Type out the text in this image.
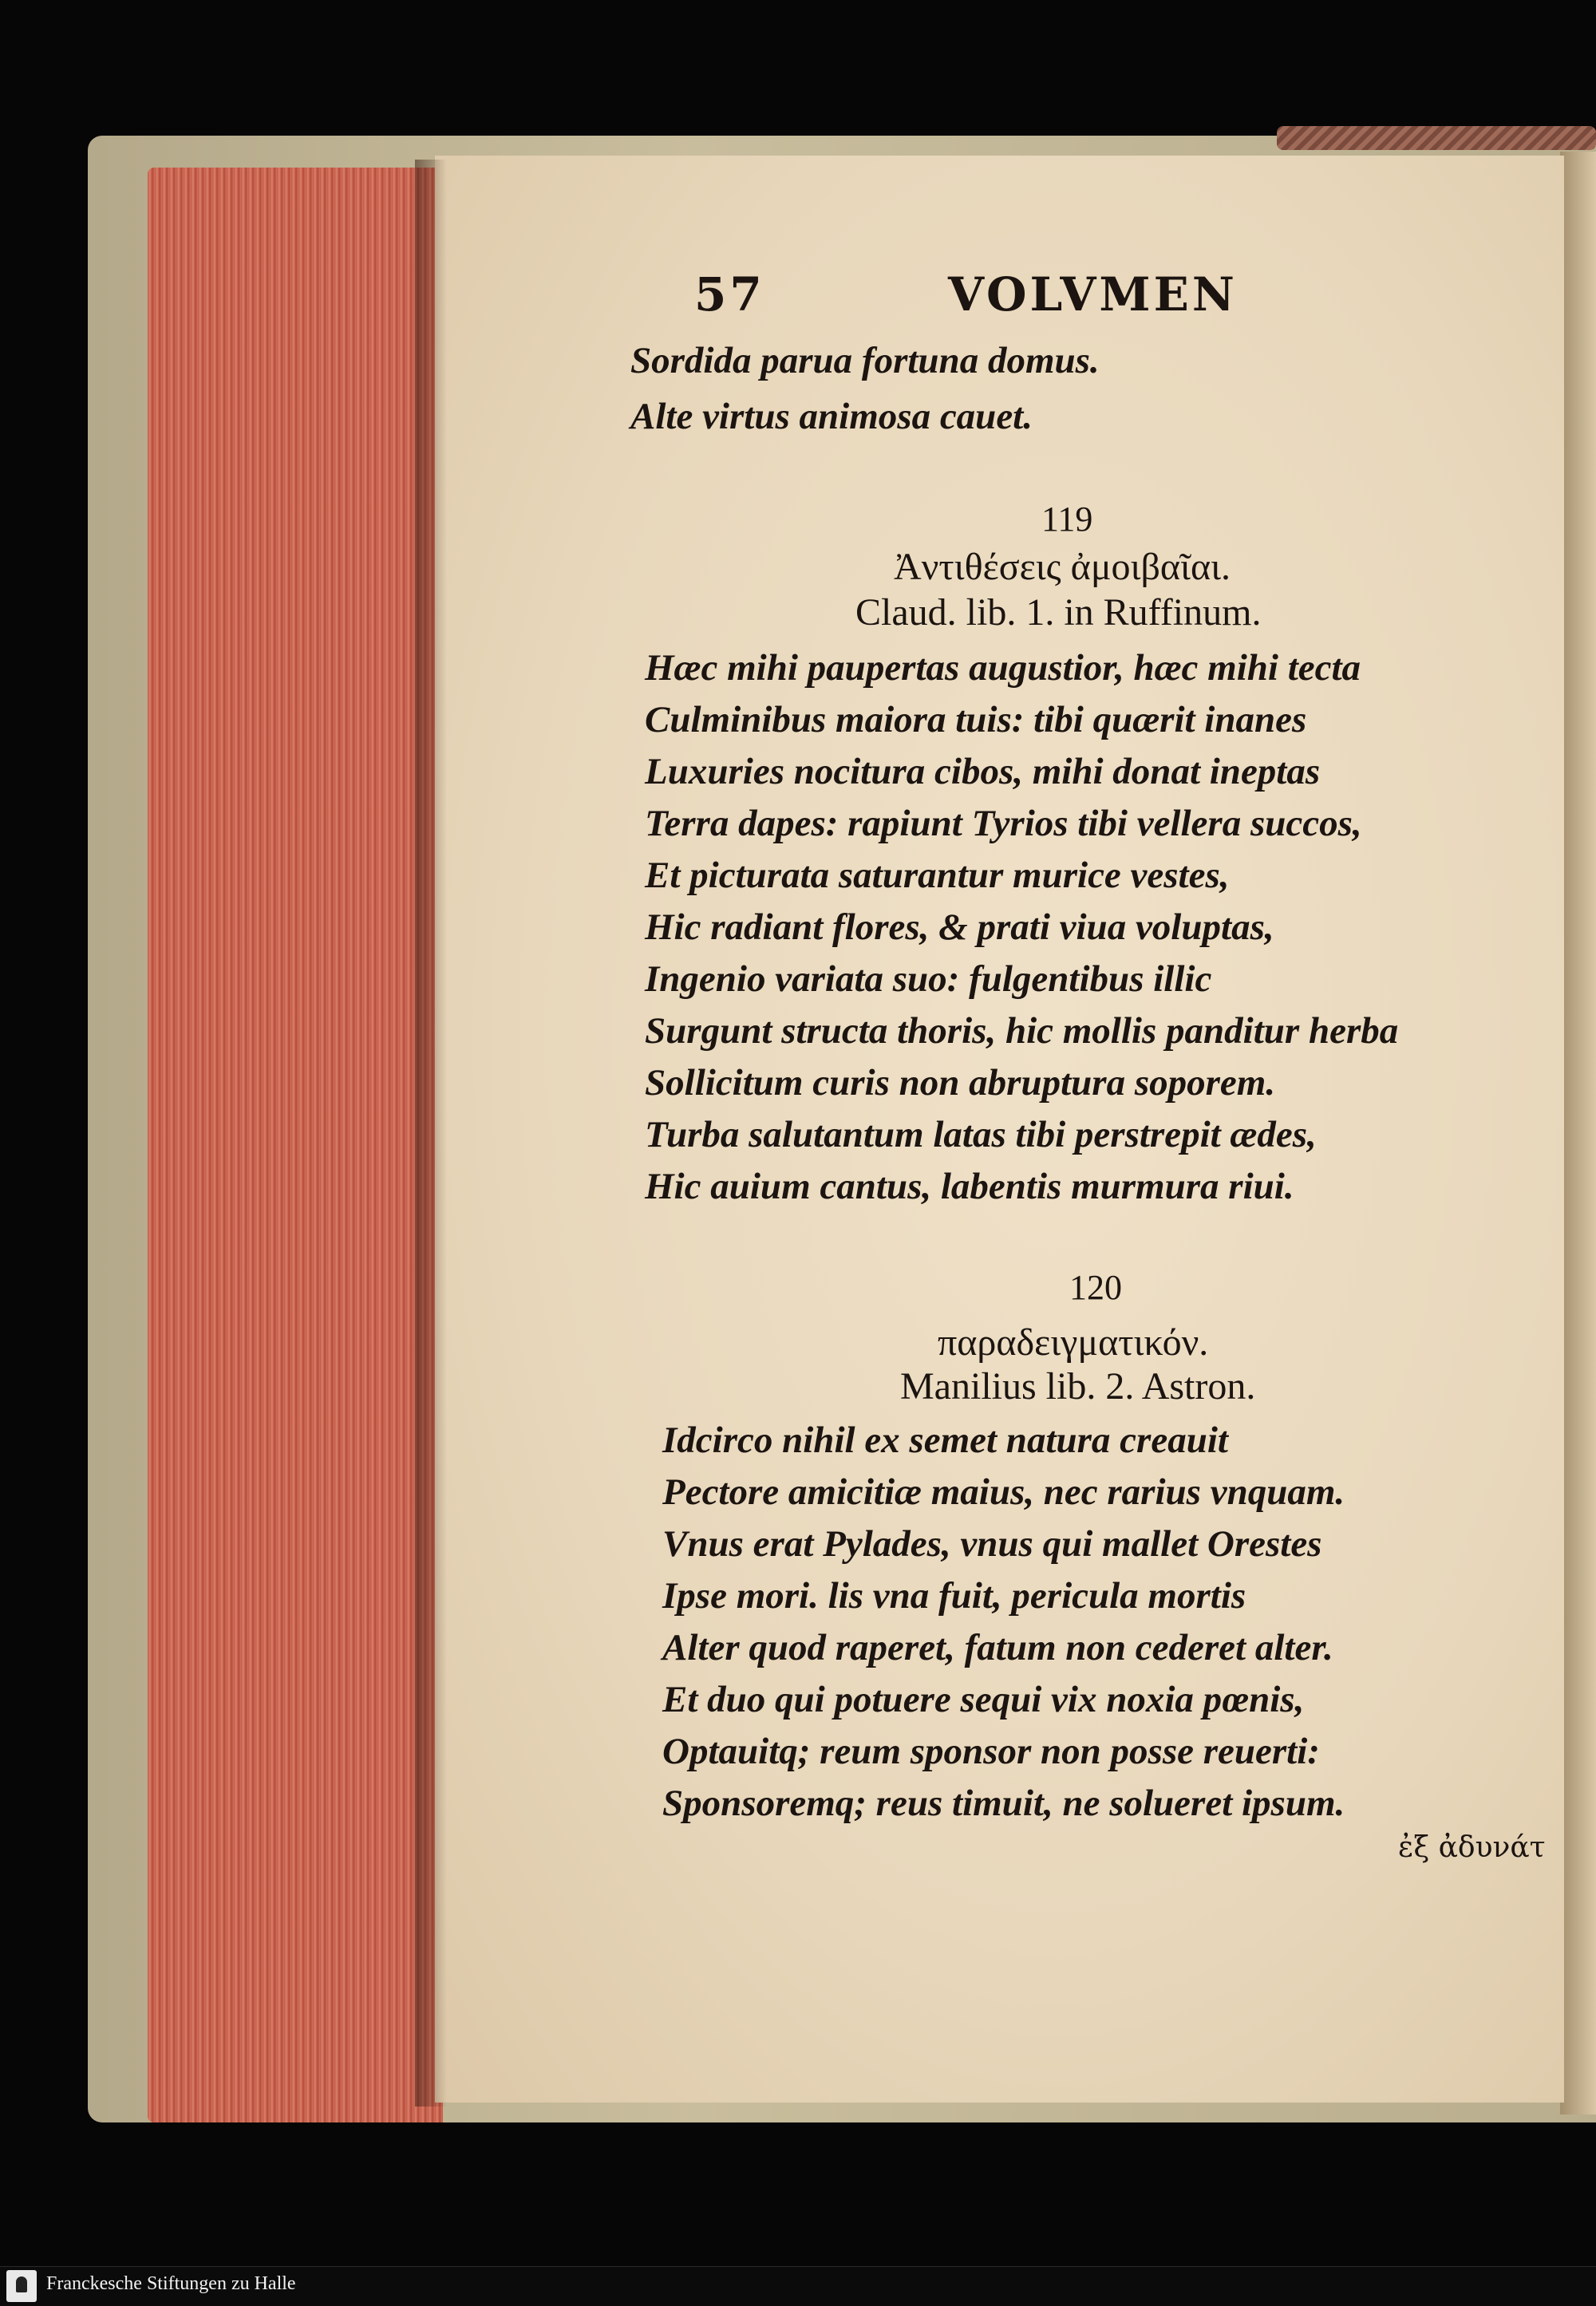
57	VOLVMEN
Sordida parua fortuna domus.
Alte virtus animosa cauet.
119
Ἀντιθέσεις ἀμοιβαῖαι.
Claud. lib. 1. in Ruffinum.
Hæc mihi paupertas augustior, hæc mihi tecta
Culminibus maiora tuis: tibi quærit inanes
Luxuries nocitura cibos, mihi donat ineptas
Terra dapes: rapiunt Tyrios tibi vellera succos,
Et picturata saturantur murice vestes,
Hic radiant flores, & prati viua voluptas,
Ingenio variata suo: fulgentibus illic
Surgunt structa thoris, hic mollis panditur herba
Sollicitum curis non abruptura soporem.
Turba salutantum latas tibi perstrepit ædes,
Hic auium cantus, labentis murmura riui.
120
παραδειγματικόν.
Manilius lib. 2. Astron.
Idcirco nihil ex semet natura creauit
Pectore amicitiæ maius, nec rarius vnquam.
Vnus erat Pylades, vnus qui mallet Orestes
Ipse mori. lis vna fuit, pericula mortis
Alter quod raperet, fatum non cederet alter.
Et duo qui potuere sequi vix noxia pœnis,
Optauitq; reum sponsor non posse reuerti:
Sponsoremq; reus timuit, ne solueret ipsum.
ἐξ ἀδυνάτ
Franckesche Stiftungen zu Halle
